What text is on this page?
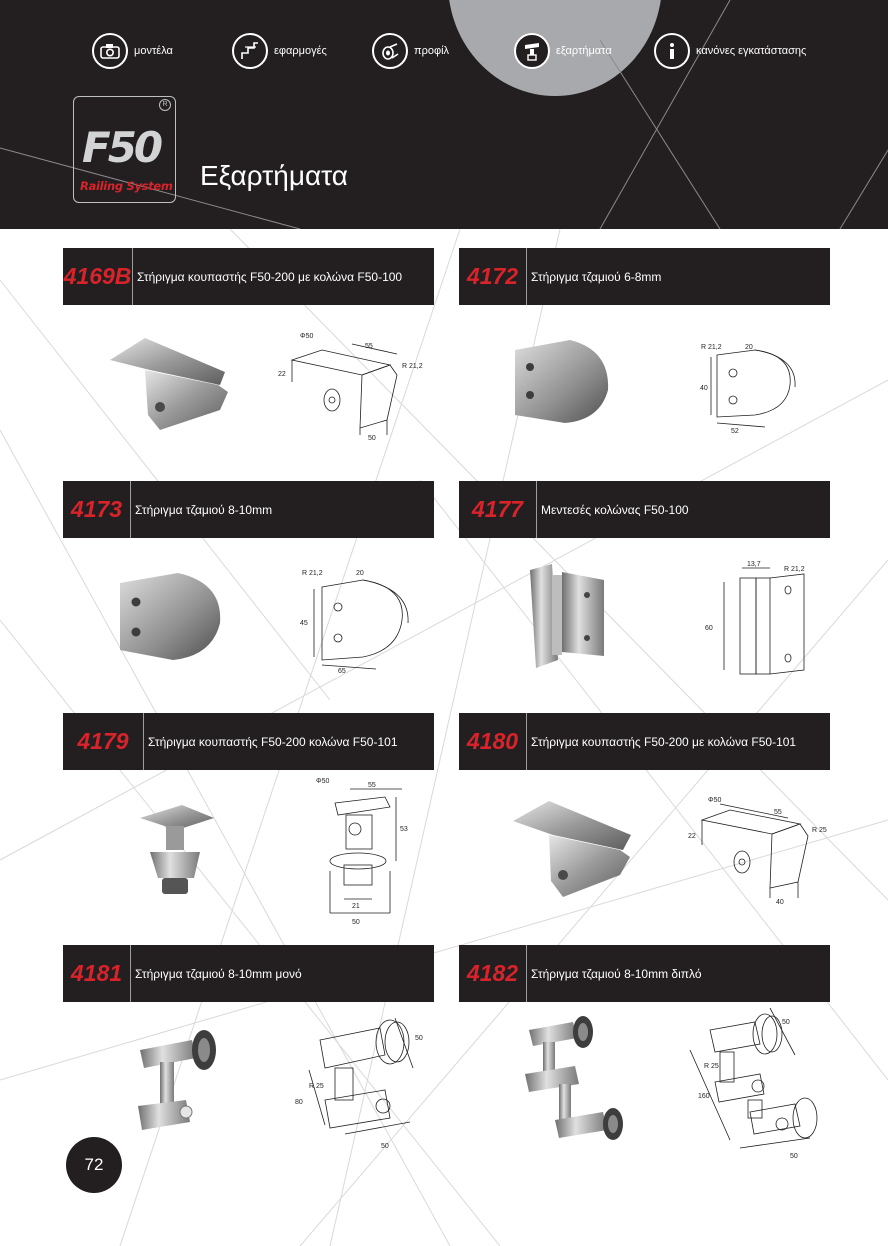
μοντέλα	εφαρμογές	προφίλ	εξαρτήματα	κανόνες εγκατάστασης
R
F50
Railing System Εξαρτήματα
4169B Στήριγμα κουπαστής F50-200 με κολώνα F50-100
Φ50
55
22
R 21,2
50
4172	Στήριγμα τζαμιού 6-8mm
R 21,2	20
40
52
4173	Στήριγμα τζαμιού 8-10mm
R 21,2	20
45
65
4177	Μεντεσές κολώνας F50-100
13,7
R 21,2
60
4179	Στήριγμα κουπαστής F50-200 κολώνα F50-101
Φ50
55
53
21
50
4180	Στήριγμα κουπαστής F50-200 με κολώνα F50-101
Φ50
55
22
R 25
40
4181	Στήριγμα τζαμιού 8-10mm μονό
50
R 25
80
50
4182	Στήριγμα τζαμιού 8-10mm διπλό
50
R 25
160
50
72
